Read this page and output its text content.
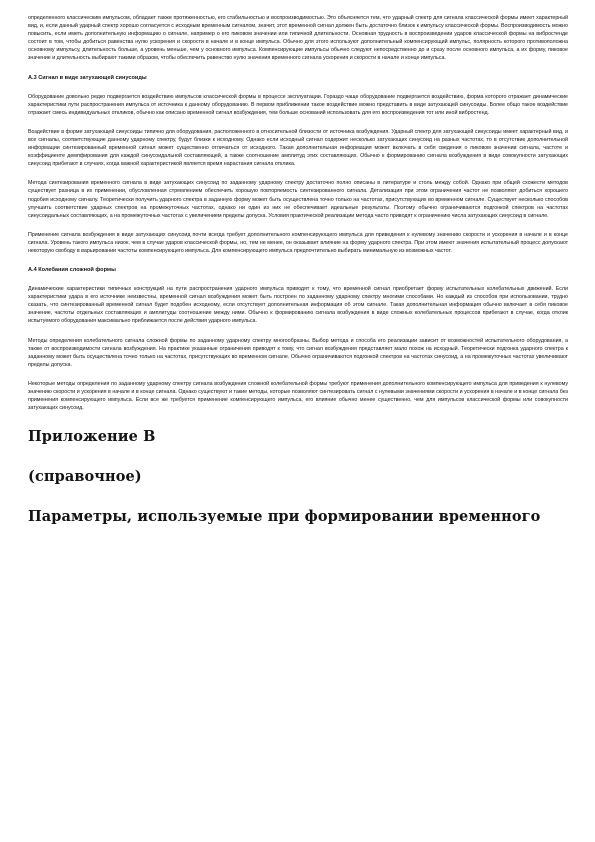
определенного классическим импульсом, обладает также протяженностью, его стабильностью и воспроизводимостью. Это объясняется тем, что ударный спектр для сигнала классической формы имеет характерный вид, и, если данный ударный спектр хорошо согласуется с исходным временным сигналом, значит, этот временной сигнал должен быть достаточно близок к импульсу классической формы. Воспроизводимость можно повысить, если иметь дополнительную информацию о сигнале, например о его пиковом значении или типичной длительности. Основная трудность в воспроизведении ударов классической формы на вибростенде состоит в том, чтобы добиться равенства нулю ускорения и скорости в начале и в конце импульса. Обычно для этого используют дополнительный компенсирующий импульс, полярность которого противоположна основному импульсу, длительность больше, а уровень меньше, чем у основного импульса. Компенсирующие импульсы обычно следуют непосредственно до и сразу после основного импульса, а их форму, пиковое значение и длительность выбирают такими образом, чтобы обеспечить равенство нулю значения временного сигнала ускорения и скорости в начале и конце импульса.

А.3 Сигнал в виде затухающей синусоиды

Оборудование довольно редко подвергается воздействию импульсов классической формы в процессе эксплуатации. Гораздо чаще оборудование подвергается воздействию, форма которого отражает динамические характеристики пути распространения импульса от источника к данному оборудованию. В первом приближении такое воздействие можно представить в виде затухающей синусоиды. Более общо такое воздействие отражает смесь индивидуальных откликов, обычно как описано временной сигнал возбуждения, тем больше оснований использовать для его воспроизведения тот или иной вибростенд.

Воздействие в форме затухающей синусоиды типично для оборудования, расположенного в относительной близости от источника возбуждения. Ударный спектр для затухающей синусоиды имеет характерный вид, и все сигналы, соответствующие данному ударному спектру, будут близки к исходному. Однако если исходный сигнал содержит несколько затухающих синусоид на разных частотах, то в отсутствие дополнительной информации синтезированный временной сигнал может существенно отличаться от исходного. Такая дополнительная информация может включать в себя сведения о пиковом значении сигнала, частоте и коэффициенте демпфирования для каждой синусоидальной составляющей, а также соотношение амплитуд этих составляющих. Обычно к формированию сигнала возбуждения в виде совокупности затухающих синусоид прибегают в случаях, когда важной характеристикой является время нарастания сигнала отклика.

Метода синтезирования временного сигнала в виде затухающих синусоид по заданному ударному спектру достаточно полно описаны в литературе и столь между собой. Однако при общей схожести методов существует разница в их применении, обусловленная стремлением обеспечить хорошую повторяемость синтезированного сигнала. Детализация при этом ограничения частот не позволяют добиться хорошего подобия исходному сигналу. Теоретически получить ударного спектра в заданную форму может быть осуществлена точно только на частотах, присутствующих во временном сигнале. Существует несколько способов улучшить соответствие ударных спектров на промежуточных частотах, однако ни один из них не обеспечивает идеальные результаты. Поэтому обычно ограничиваются подгонкой спектров на частотах синусоидальных составляющих, а на промежуточных частотах с увеличением пределы допуска. Условия практической реализации метода часто приводят к ограничению числа затухающих синусоид в сигнале.

Применение сигнала возбуждения в виде затухающих синусоид почти всегда требует дополнительного компенсирующего импульса для приведения к нулевому значению скорости и ускорения в начале и в конце сигнала. Уровень такого импульса низок, чем в случае ударов классической формы, но, тем не менее, он оказывает влияние на форму ударного спектра. При этом имеют значения испытательный процесс допускают некоторую свободу в варьировании частоты компенсирующего импульса. Для компенсирующего импульса предпочтительно выбирать минимальную из возможных частот.

А.4 Колебания сложной формы

Динамические характеристики типичных конструкций на пути распространения ударного импульса приводят к тому, что временной сигнал приобретает форму испытательных колебательных движений. Если характеристики удара в его источнике неизвестны, временной сигнал возбуждения может быть построен по заданному ударному спектру многими способами. Но каждый из способов при использовании, трудно сказать, что синтезированный временной сигнал будет подобен исходному, если отсутствует дополнительная информация об этом сигнале. Такая дополнительная информация обычно включает в себя пиковое значение, частоты отдельных составляющих и амплитуды соотношение между ними. Обычно к формированию сигнала возбуждения в виде сложных колебательных процессов прибегают в случае, когда отклик испытуемого оборудования максимально приближается после действия ударного импульса.

Методы определения колебательного сигнала сложной формы по заданному ударному спектру многообразны. Выбор метода и способа его реализации зависит от возможностей испытательного оборудования, а также от воспроизводимости сигнала возбуждения. На практике указанные ограничения приводят к тому, что сигнал возбуждения представляет мало похож на исходный. Теоретически подгонка ударного спектра к заданному может быть осуществлена точно только на частотах, присутствующих во временном сигнале. Обычно ограничиваются подгонкой спектров на частотах синусоид, а на промежуточных частотах увеличивают пределы допуска.

Некоторые методы определения по заданному ударному спектру сигнала возбуждения сложной колебательной формы требуют применения дополнительного компенсирующего импульса для приведения к нулевому значению скорости и ускорения в начале и в конце сигнала. Однако существуют и такие методы, которые позволяют синтезировать сигнал с нулевыми значениями скорости и ускорения в начале и в конце сигнала без применения компенсирующего импульса. Если все же требуется применение компенсирующего импульса, его влияние обычно менее существенно, чем для импульсов классической формы или совокупности затухающих синусоид.

Приложение В
(справочное)
Параметры, используемые при формировании временного
